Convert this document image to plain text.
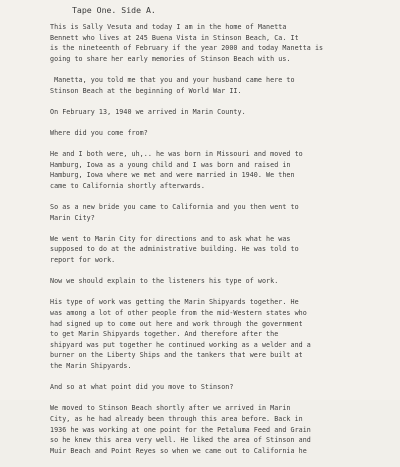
Tape One. Side A.
This is Sally Vesuta and today I am in the home of Manetta
Bennett who lives at 245 Buena Vista in Stinson Beach, Ca. It
is the nineteenth of February if the year 2000 and today Manetta is
going to share her early memories of Stinson Beach with us.
Manetta, you told me that you and your husband came here to
Stinson Beach at the beginning of World War II.
On February 13, 1940 we arrived in Marin County.
Where did you come from?
He and I both were, uh,.. he was born in Missouri and moved to
Hamburg, Iowa as a young child and I was born and raised in
Hamburg, Iowa where we met and were married in 1940. We then
came to California shortly afterwards.
So as a new bride you came to California and you then went to
Marin City?
We went to Marin City for directions and to ask what he was
supposed to do at the administrative building. He was told to
report for work.
Now we should explain to the listeners his type of work.
His type of work was getting the Marin Shipyards together. He
was among a lot of other people from the mid-Western states who
had signed up to come out here and work through the government
to get Marin Shipyards together. And therefore after the
shipyard was put together he continued working as a welder and a
burner on the Liberty Ships and the tankers that were built at
the Marin Shipyards.
And so at what point did you move to Stinson?
We moved to Stinson Beach shortly after we arrived in Marin
City, as he had already been through this area before. Back in
1936 he was working at one point for the Petaluma Feed and Grain
so he knew this area very well. He liked the area of Stinson and
Muir Beach and Point Reyes so when we came out to California he
